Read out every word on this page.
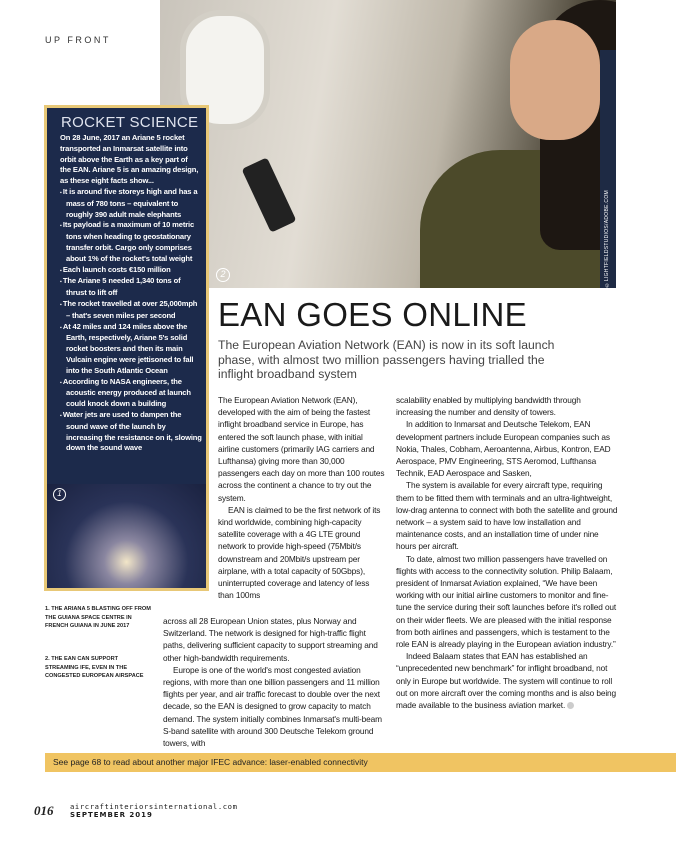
UP FRONT
2	©LIGHTFIELDSTUDIOS/ADOBE.COM
ROCKET SCIENCE
On 28 June, 2017 an Ariane 5 rocket transported an Inmarsat satellite into orbit above the Earth as a key part of the EAN. Ariane 5 is an amazing design, as these eight facts show...
▪ It is around five storeys high and has a mass of 780 tons – equivalent to roughly 390 adult male elephants
▪ Its payload is a maximum of 10 metric tons when heading to geostationary transfer orbit. Cargo only comprises about 1% of the rocket's total weight
▪ Each launch costs €150 million
▪ The Ariane 5 needed 1,340 tons of thrust to lift off
▪ The rocket travelled at over 25,000mph – that's seven miles per second
▪ At 42 miles and 124 miles above the Earth, respectively, Ariane 5's solid rocket boosters and then its main Vulcain engine were jettisoned to fall into the South Atlantic Ocean
▪ According to NASA engineers, the acoustic energy produced at launch could knock down a building
▪ Water jets are used to dampen the sound wave of the launch by increasing the resistance on it, slowing down the sound wave
1
1. THE ARIANA 5 BLASTING OFF FROM THE GUIANA SPACE CENTRE IN FRENCH GUIANA IN JUNE 2017
2. THE EAN CAN SUPPORT STREAMING IFE, EVEN IN THE CONGESTED EUROPEAN AIRSPACE
EAN GOES ONLINE
The European Aviation Network (EAN) is now in its soft launch phase, with almost two million passengers having trialled the inflight broadband system

The European Aviation Network (EAN), developed with the aim of being the fastest inflight broadband service in Europe, has entered the soft launch phase, with initial airline customers (primarily IAG carriers and Lufthansa) giving more than 30,000 passengers each day on more than 100 routes across the continent a chance to try out the system.

EAN is claimed to be the first network of its kind worldwide, combining high-capacity satellite coverage with a 4G LTE ground network to provide high-speed (75Mbit/s downstream and 20Mbit/s upstream per airplane, with a total capacity of 50Gbps), uninterrupted coverage and latency of less than 100ms

across all 28 European Union states, plus Norway and Switzerland. The network is designed for high-traffic flight paths, delivering sufficient capacity to support streaming and other high-bandwidth requirements.

Europe is one of the world's most congested aviation regions, with more than one billion passengers and 11 million flights per year, and air traffic forecast to double over the next decade, so the EAN is designed to grow capacity to match demand. The system initially combines Inmarsat's multi-beam S-band satellite with around 300 Deutsche Telekom ground towers, with

scalability enabled by multiplying bandwidth through increasing the number and density of towers.

In addition to Inmarsat and Deutsche Telekom, EAN development partners include European companies such as Nokia, Thales, Cobham, Aeroantenna, Airbus, Kontron, EAD Aerospace, PMV Engineering, STS Aeromod, Lufthansa Technik, EAD Aerospace and Sasken,

The system is available for every aircraft type, requiring them to be fitted them with terminals and an ultra-lightweight, low-drag antenna to connect with both the satellite and ground network – a system said to have low installation and maintenance costs, and an installation time of under nine hours per aircraft.

To date, almost two million passengers have travelled on flights with access to the connectivity solution. Philip Balaam, president of Inmarsat Aviation explained, “We have been working with our initial airline customers to monitor and fine-tune the service during their soft launches before it's rolled out on their wider fleets. We are pleased with the initial response from both airlines and passengers, which is testament to the role EAN is already playing in the European aviation industry.”

Indeed Balaam states that EAN has established an “unprecedented new benchmark” for inflight broadband, not only in Europe but worldwide. The system will continue to roll out on more aircraft over the coming months and is also being made available to the business aviation market.

See page 68 to read about another major IFEC advance: laser-enabled connectivity
016 aircraftinteriorsinternational.com
SEPTEMBER 2019
